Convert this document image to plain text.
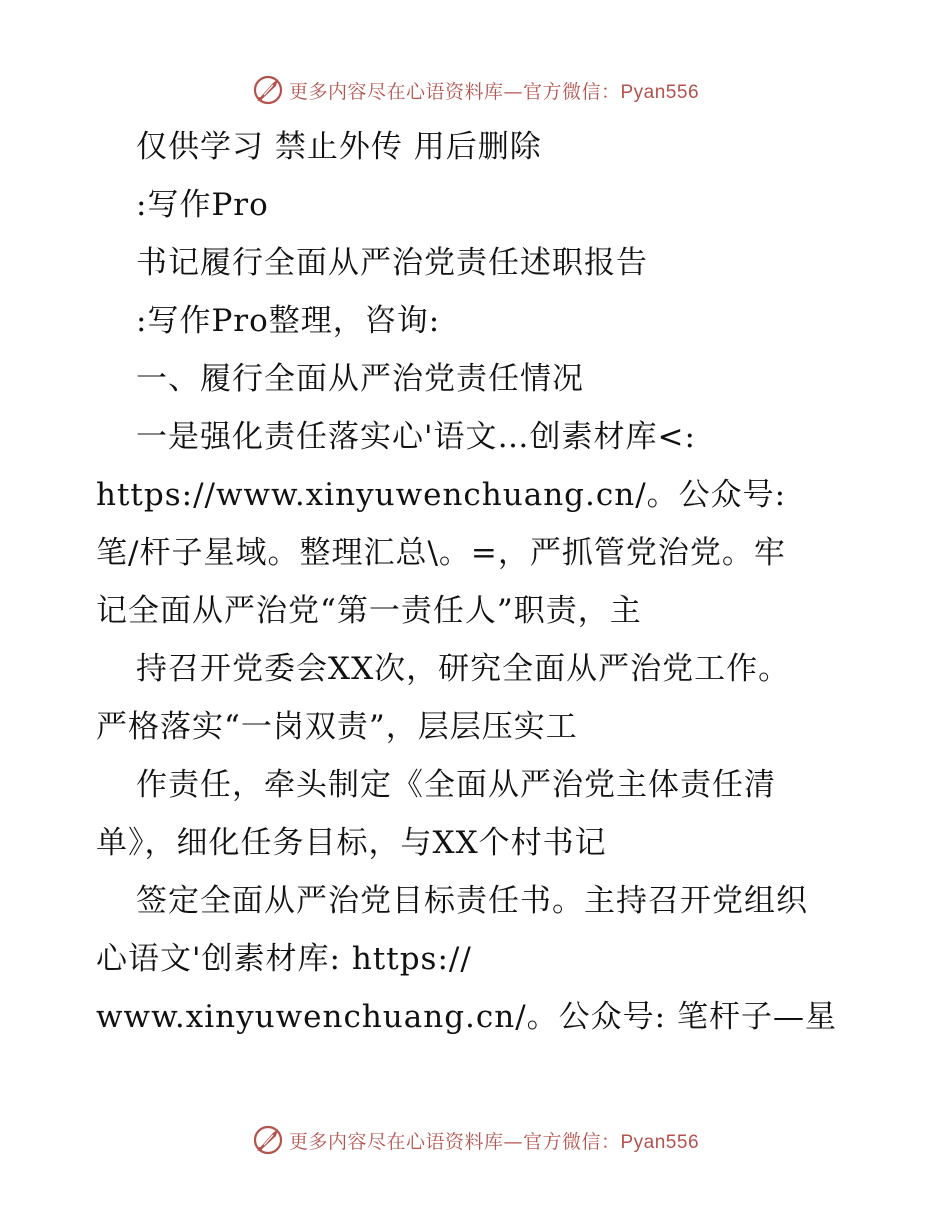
更多内容尽在心语资料库—官方微信：Pyan556
仅供学习 禁止外传 用后删除
:写作Pro
书记履行全面从严治党责任述职报告
:写作Pro整理，咨询:
一、履行全面从严治党责任情况
一是强化责任落实心'语文…创素材库<:
https://www.xinyuwenchuang.cn/。公众号:
笔/杆子星域。整理汇总\。=，严抓管党治党。牢
记全面从严治党“第一责任人”职责，主
持召开党委会XX次，研究全面从严治党工作。
严格落实“一岗双责”，层层压实工
作责任，牵头制定《全面从严治党主体责任清
单》，细化任务目标，与XX个村书记
签定全面从严治党目标责任书。主持召开党组织
心语文'创素材库: https://
www.xinyuwenchuang.cn/。公众号: 笔杆子—星
更多内容尽在心语资料库—官方微信：Pyan556
